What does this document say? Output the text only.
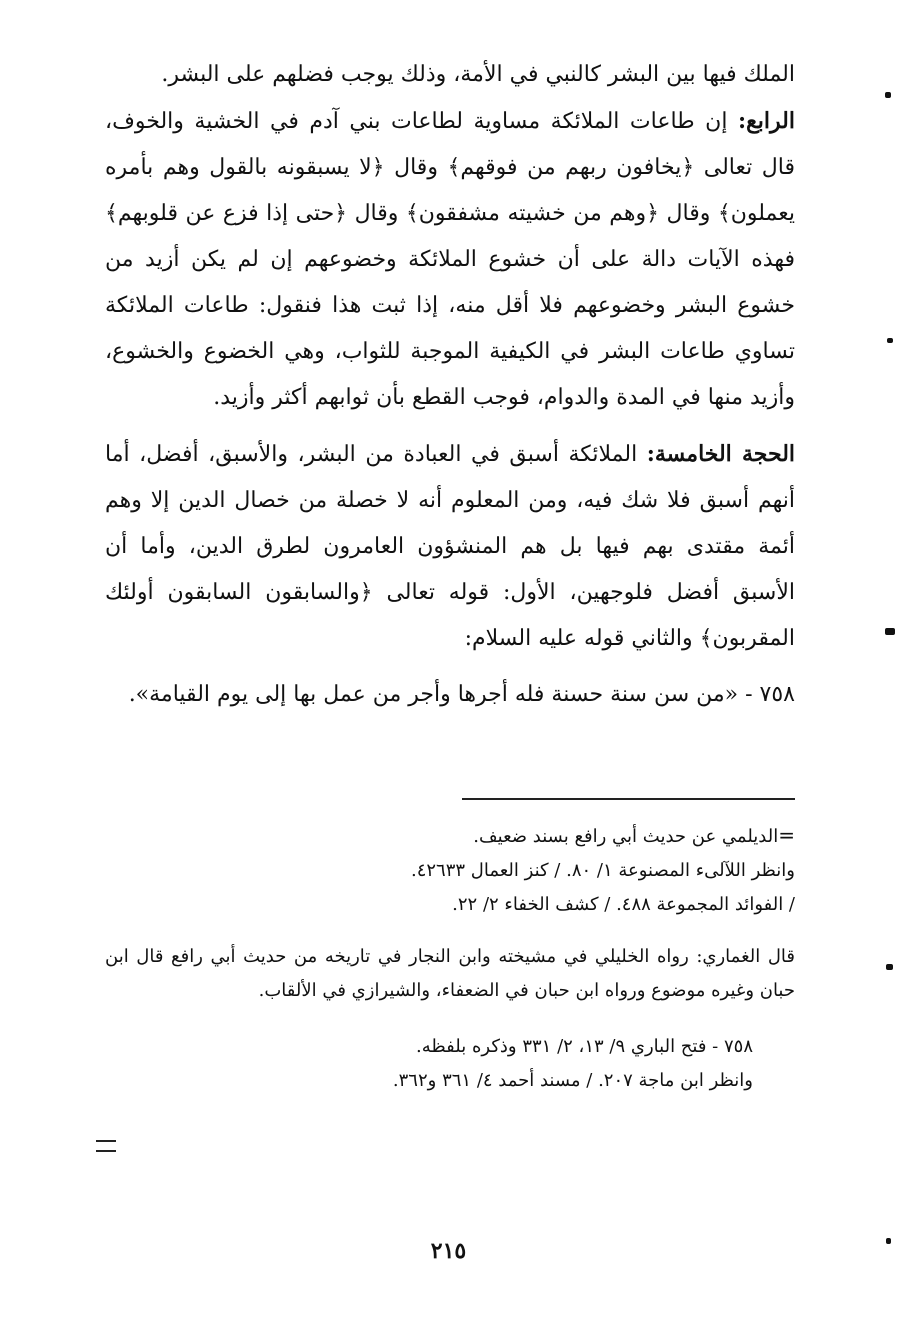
الملك فيها بين البشر كالنبي في الأمة، وذلك يوجب فضلهم على البشر.

الرابع: إن طاعات الملائكة مساوية لطاعات بني آدم في الخشية والخوف، قال تعالى ﴿يخافون ربهم من فوقهم﴾ وقال ﴿لا يسبقونه بالقول وهم بأمره يعملون﴾ وقال ﴿وهم من خشيته مشفقون﴾ وقال ﴿حتى إذا فزع عن قلوبهم﴾ فهذه الآيات دالة على أن خشوع الملائكة وخضوعهم إن لم يكن أزيد من خشوع البشر وخضوعهم فلا أقل منه، إذا ثبت هذا فنقول: طاعات الملائكة تساوي طاعات البشر في الكيفية الموجبة للثواب، وهي الخضوع والخشوع، وأزيد منها في المدة والدوام، فوجب القطع بأن ثوابهم أكثر وأزيد.

الحجة الخامسة: الملائكة أسبق في العبادة من البشر، والأسبق، أفضل، أما أنهم أسبق فلا شك فيه، ومن المعلوم أنه لا خصلة من خصال الدين إلا وهم أئمة مقتدى بهم فيها بل هم المنشؤون العامرون لطرق الدين، وأما أن الأسبق أفضل فلوجهين، الأول: قوله تعالى ﴿والسابقون السابقون أولئك المقربون﴾ والثاني قوله عليه السلام:

٧٥٨ - «من سن سنة حسنة فله أجرها وأجر من عمل بها إلى يوم القيامة».

=الديلمي عن حديث أبي رافع بسند ضعيف.

وانظر اللآلىء المصنوعة ١/ ٨٠. / كنز العمال ٤٢٦٣٣.

/ الفوائد المجموعة ٤٨٨. / كشف الخفاء ٢/ ٢٢.

قال الغماري: رواه الخليلي في مشيخته وابن النجار في تاريخه من حديث أبي رافع قال ابن حبان وغيره موضوع ورواه ابن حبان في الضعفاء، والشيرازي في الألقاب.

٧٥٨ - فتح الباري ٩/ ١٣، ٢/ ٣٣١ وذكره بلفظه.

وانظر ابن ماجة ٢٠٧. / مسند أحمد ٤/ ٣٦١ و٣٦٢.

٢١٥
